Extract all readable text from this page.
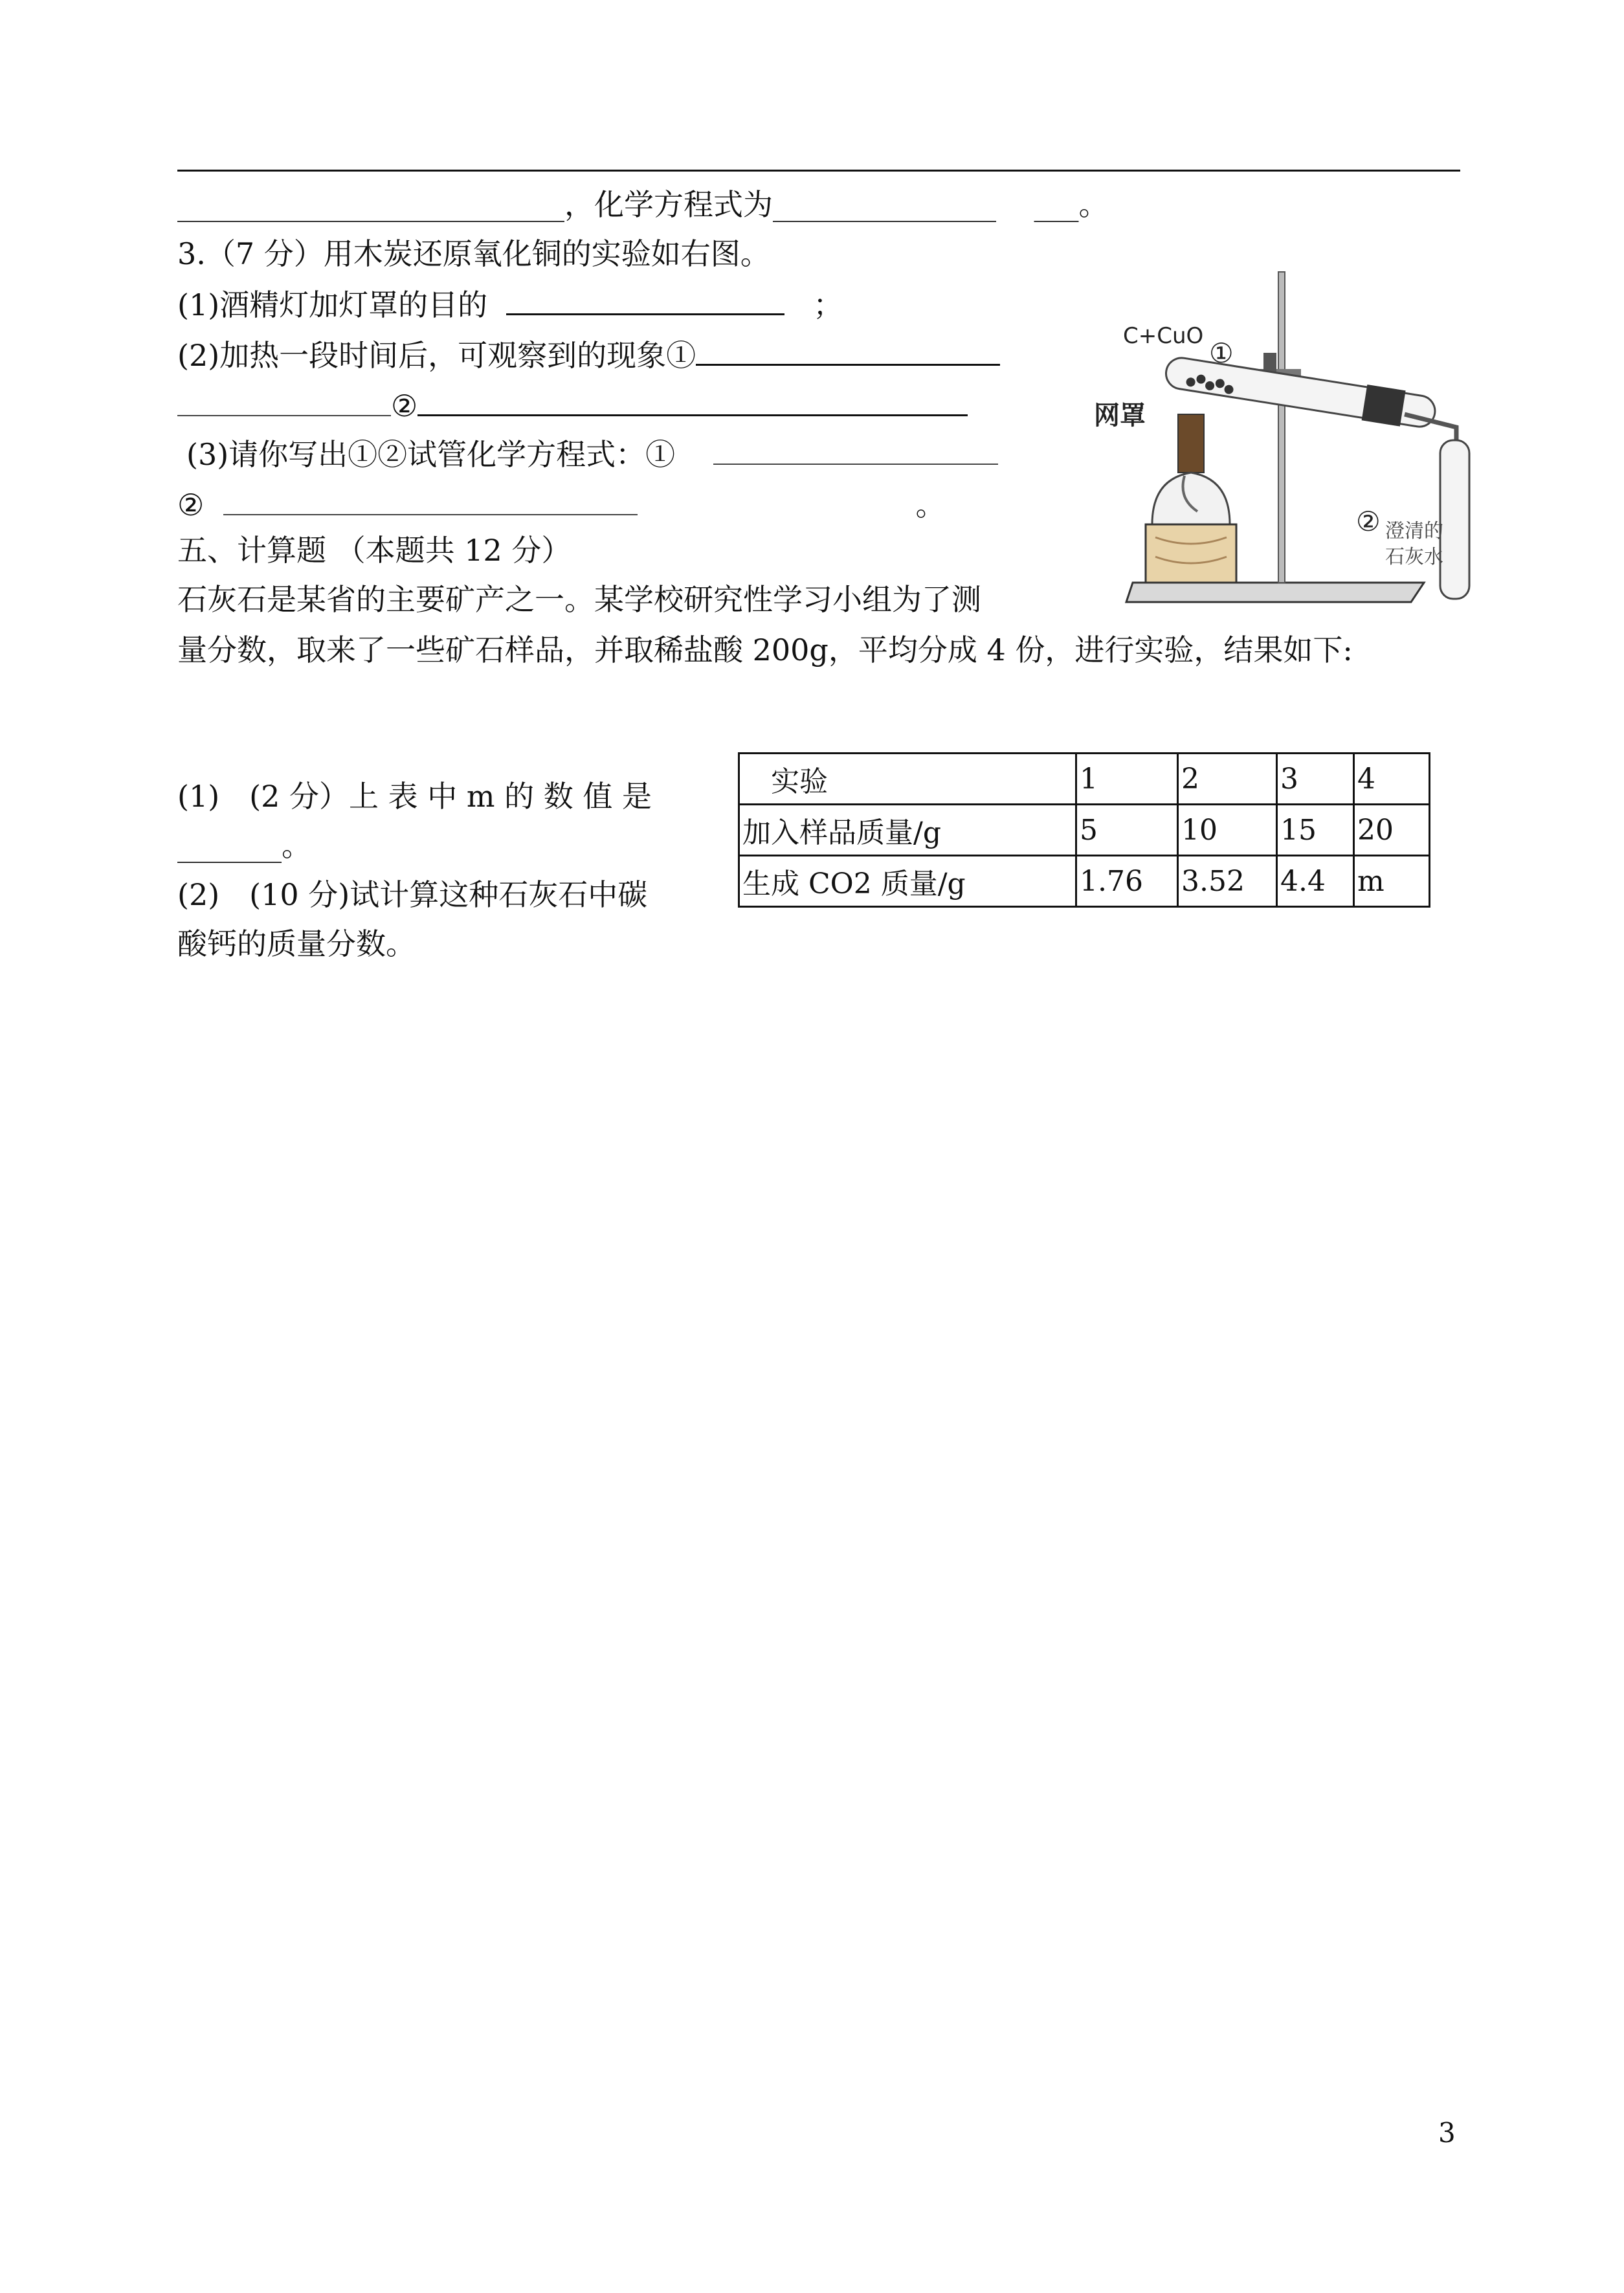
__________________________，化学方程式为_______________ ___。
3.（7 分）用木炭还原氧化铜的实验如右图。
(1)酒精灯加灯罩的目的	；
(2)加热一段时间后，可观察到的现象①
②
(3)请你写出①②试管化学方程式：①
②	。
五、计算题 （本题共 12 分）
石灰石是某省的主要矿产之一。某学校研究性学习小组为了测
量分数，取来了一些矿石样品，并取稀盐酸 200g，平均分成 4 份，进行实验，结果如下:
(1)　(2 分）上 表 中 m 的 数 值 是
_______。
(2)　(10 分)试计算这种石灰石中碳
酸钙的质量分数。
　实验	1	2	3	4
加入样品质量/g	5	10	15	20
生成 CO2 质量/g	1.76	3.52	4.4	m
C+CuO
①
网罩
② 澄清的
石灰水
3
